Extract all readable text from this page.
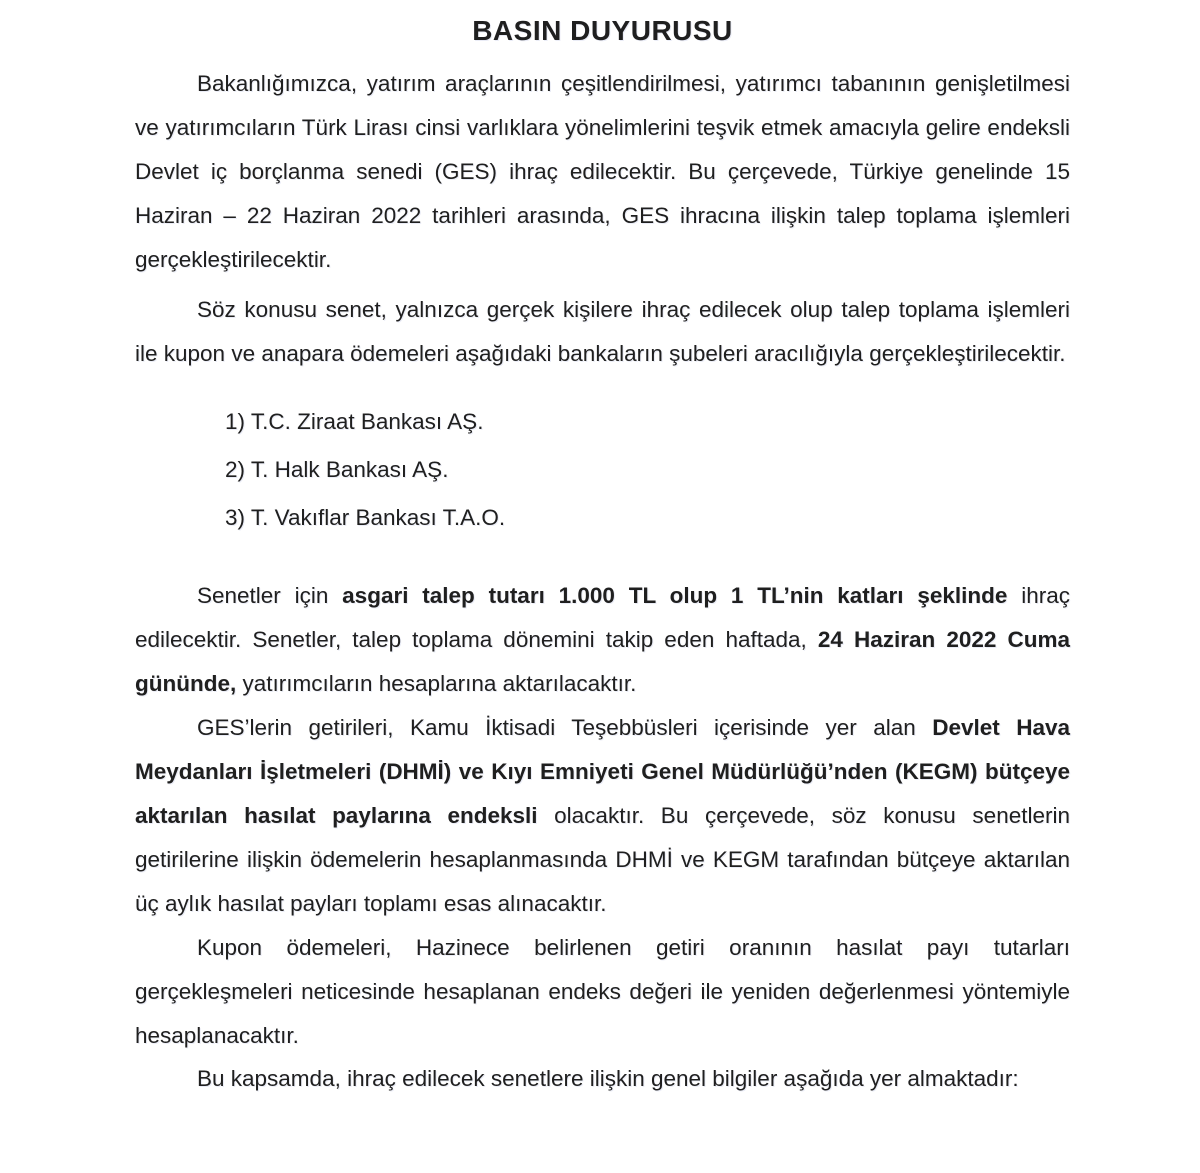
BASIN DUYURUSU

Bakanlığımızca, yatırım araçlarının çeşitlendirilmesi, yatırımcı tabanının genişletilmesi ve yatırımcıların Türk Lirası cinsi varlıklara yönelimlerini teşvik etmek amacıyla gelire endeksli Devlet iç borçlanma senedi (GES) ihraç edilecektir. Bu çerçevede, Türkiye genelinde 15 Haziran – 22 Haziran 2022 tarihleri arasında, GES ihracına ilişkin talep toplama işlemleri gerçekleştirilecektir.

Söz konusu senet, yalnızca gerçek kişilere ihraç edilecek olup talep toplama işlemleri ile kupon ve anapara ödemeleri aşağıdaki bankaların şubeleri aracılığıyla gerçekleştirilecektir.

1) T.C. Ziraat Bankası AŞ.
2) T. Halk Bankası AŞ.
3) T. Vakıflar Bankası T.A.O.

Senetler için asgari talep tutarı 1.000 TL olup 1 TL’nin katları şeklinde ihraç edilecektir. Senetler, talep toplama dönemini takip eden haftada, 24 Haziran 2022 Cuma gününde, yatırımcıların hesaplarına aktarılacaktır.

GES’lerin getirileri, Kamu İktisadi Teşebbüsleri içerisinde yer alan Devlet Hava Meydanları İşletmeleri (DHMİ) ve Kıyı Emniyeti Genel Müdürlüğü’nden (KEGM) bütçeye aktarılan hasılat paylarına endeksli olacaktır. Bu çerçevede, söz konusu senetlerin getirilerine ilişkin ödemelerin hesaplanmasında DHMİ ve KEGM tarafından bütçeye aktarılan üç aylık hasılat payları toplamı esas alınacaktır.

Kupon ödemeleri, Hazinece belirlenen getiri oranının hasılat payı tutarları gerçekleşmeleri neticesinde hesaplanan endeks değeri ile yeniden değerlenmesi yöntemiyle hesaplanacaktır.

Bu kapsamda, ihraç edilecek senetlere ilişkin genel bilgiler aşağıda yer almaktadır:
